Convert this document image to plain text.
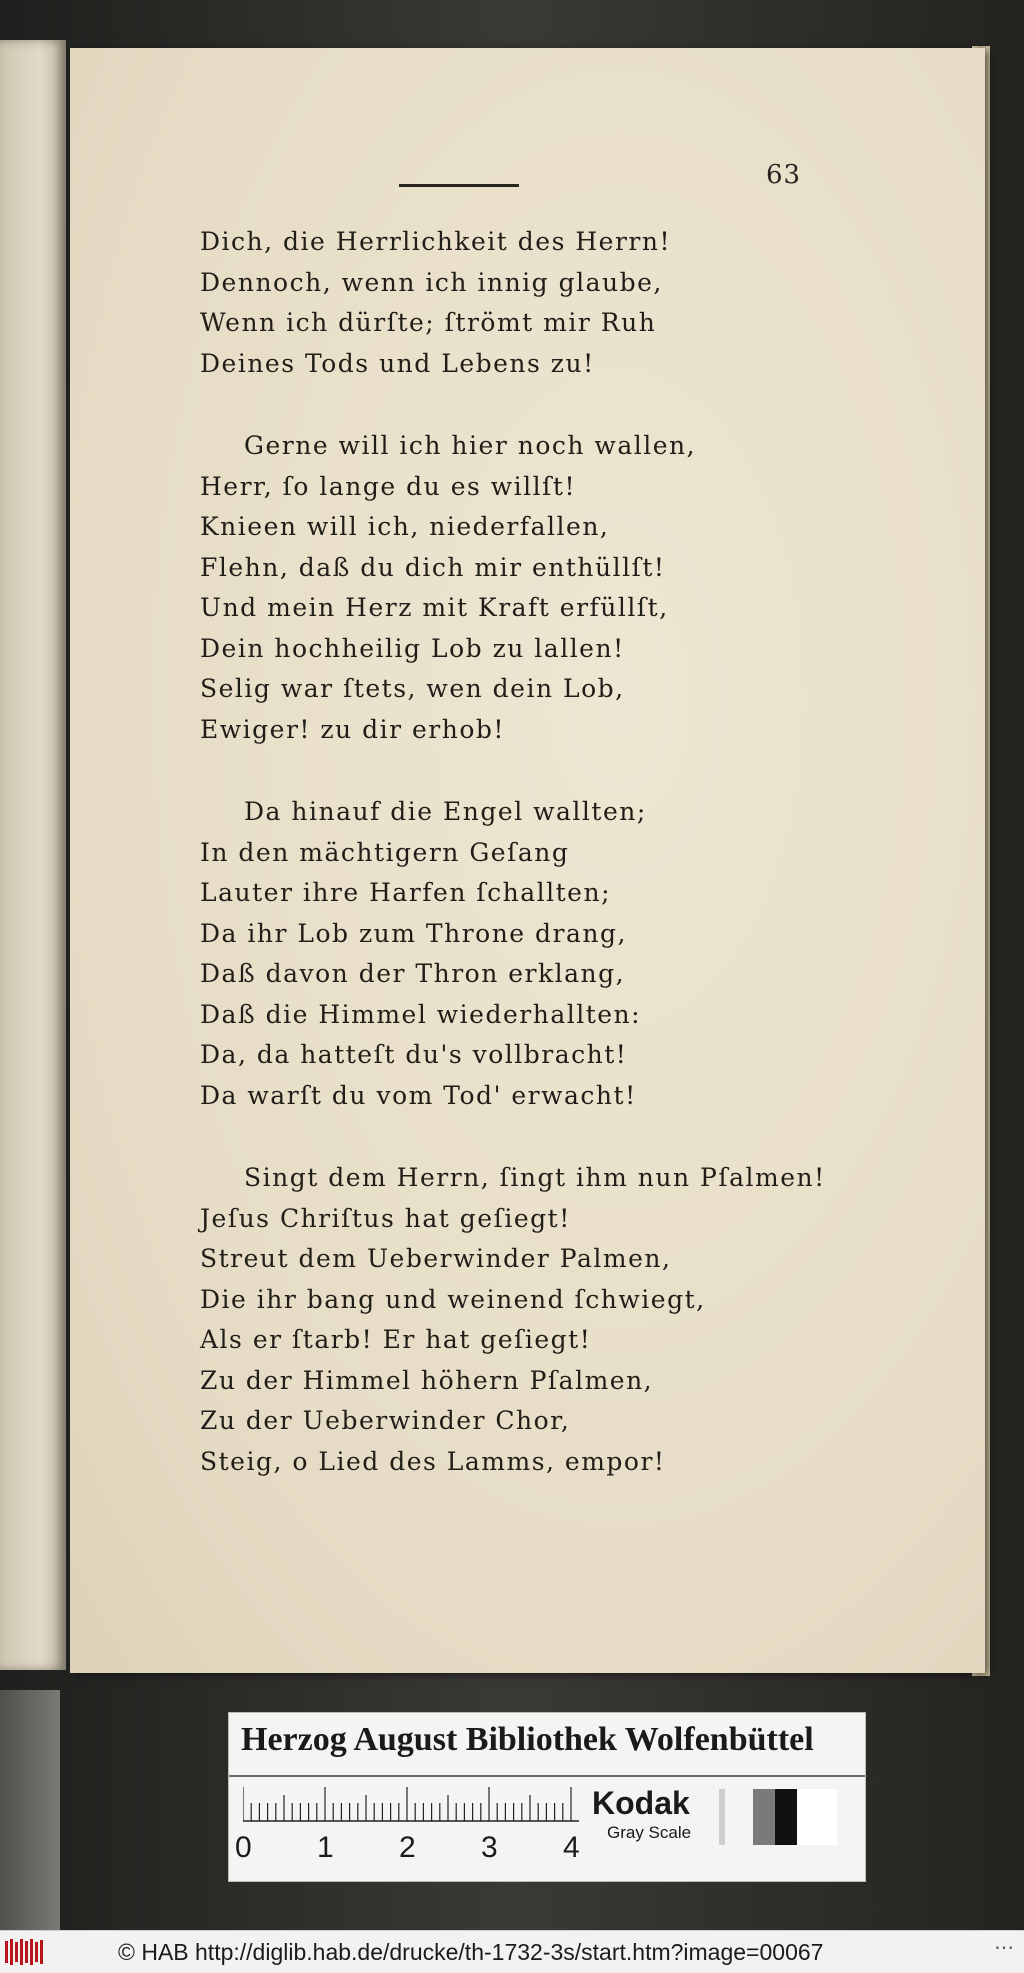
63
Dich, die Herrlichkeit des Herrn!
Dennoch, wenn ich innig glaube,
Wenn ich dürſte; ſtrömt mir Ruh
Deines Tods und Lebens zu!
Gerne will ich hier noch wallen,
Herr, ſo lange du es willſt!
Knieen will ich, niederfallen,
Flehn, daß du dich mir enthüllſt!
Und mein Herz mit Kraft erfüllſt,
Dein hochheilig Lob zu lallen!
Selig war ſtets, wen dein Lob,
Ewiger! zu dir erhob!
Da hinauf die Engel wallten;
In den mächtigern Geſang
Lauter ihre Harfen ſchallten;
Da ihr Lob zum Throne drang,
Daß davon der Thron erklang,
Daß die Himmel wiederhallten:
Da, da hatteſt du's vollbracht!
Da warſt du vom Tod' erwacht!
Singt dem Herrn, ſingt ihm nun Pſalmen!
Jeſus Chriſtus hat geſiegt!
Streut dem Ueberwinder Palmen,
Die ihr bang und weinend ſchwiegt,
Als er ſtarb! Er hat geſiegt!
Zu der Himmel höhern Pſalmen,
Zu der Ueberwinder Chor,
Steig, o Lied des Lamms, empor!
Herzog August Bibliothek Wolfenbüttel
0 1 2 3 4
Kodak
Gray Scale
© HAB http://diglib.hab.de/drucke/th-1732-3s/start.htm?image=00067	⋯
